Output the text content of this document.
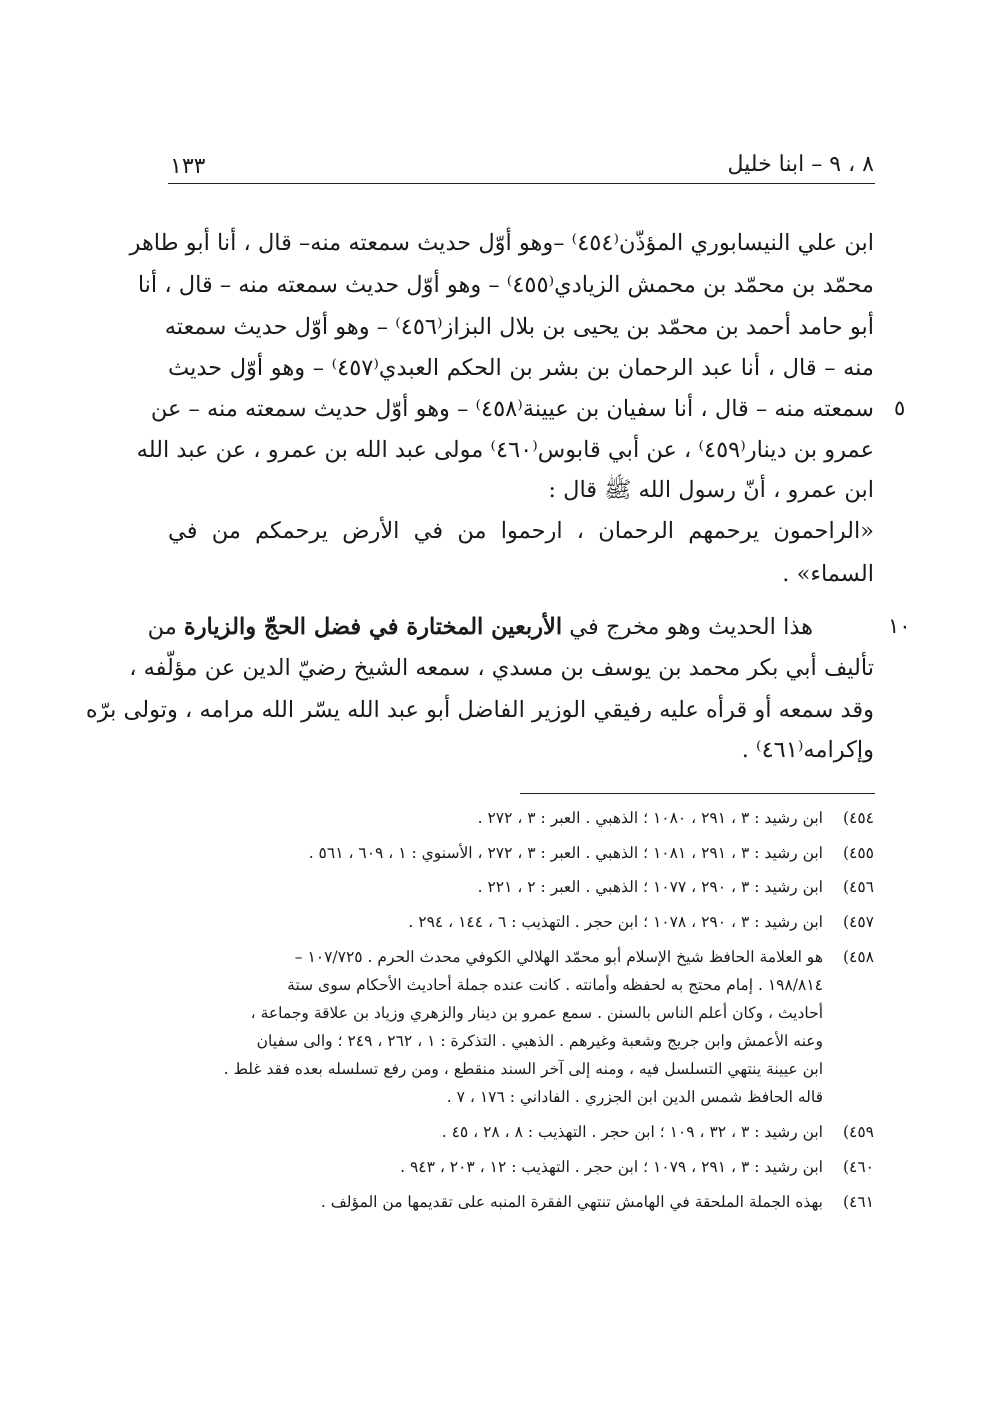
٨ ، ٩ – ابنا خليل
١٣٣
ابن علي النيسابوري المؤذّن⁽٤٥٤⁾ –وهو أوّل حديث سمعته منه– قال ، أنا أبو طاهر
محمّد بن محمّد بن محمش الزيادي⁽٤٥٥⁾ – وهو أوّل حديث سمعته منه – قال ، أنا
أبو حامد أحمد بن محمّد بن يحيى بن بلال البزاز⁽٤٥٦⁾ – وهو أوّل حديث سمعته
منه – قال ، أنا عبد الرحمان بن بشر بن الحكم العبدي⁽٤٥٧⁾ – وهو أوّل حديث
سمعته منه – قال ، أنا سفيان بن عيينة⁽٤٥٨⁾ – وهو أوّل حديث سمعته منه – عن
عمرو بن دينار⁽٤٥٩⁾ ، عن أبي قابوس⁽٤٦٠⁾ مولى عبد الله بن عمرو ، عن عبد الله
ابن عمرو ، أنّ رسول الله ﷺ قال :
«الراحمون يرحمهم الرحمان ، ارحموا من في الأرض يرحمكم من في
السماء» .
٥
هذا الحديث وهو مخرج في الأربعين المختارة في فضل الحجّ والزيارة من
تأليف أبي بكر محمد بن يوسف بن مسدي ، سمعه الشيخ رضيّ الدين عن مؤلّفه ،
وقد سمعه أو قرأه عليه رفيقي الوزير الفاضل أبو عبد الله يسّر الله مرامه ، وتولى برّه
وإكرامه⁽٤٦١⁾ .
١٠
٤٥٤)
ابن رشيد : ٣ ، ٢٩١ ، ١٠٨٠ ؛ الذهبي . العبر : ٣ ، ٢٧٢ .
٤٥٥)
ابن رشيد : ٣ ، ٢٩١ ، ١٠٨١ ؛ الذهبي . العبر : ٣ ، ٢٧٢ ، الأسنوي : ١ ، ٦٠٩ ، ٥٦١ .
٤٥٦)
ابن رشيد : ٣ ، ٢٩٠ ، ١٠٧٧ ؛ الذهبي . العبر : ٢ ، ٢٢١ .
٤٥٧)
ابن رشيد : ٣ ، ٢٩٠ ، ١٠٧٨ ؛ ابن حجر . التهذيب : ٦ ، ١٤٤ ، ٢٩٤ .
٤٥٨)
هو العلامة الحافظ شيخ الإسلام أبو محمّد الهلالي الكوفي محدث الحرم . ١٠٧/٧٢٥ –
١٩٨/٨١٤ . إمام محتج به لحفظه وأمانته . كانت عنده جملة أحاديث الأحكام سوى ستة
أحاديث ، وكان أعلم الناس بالسنن . سمع عمرو بن دينار والزهري وزياد بن علاقة وجماعة ،
وعنه الأعمش وابن جريج وشعبة وغيرهم . الذهبي . التذكرة : ١ ، ٢٦٢ ، ٢٤٩ ؛ والى سفيان
ابن عيينة ينتهي التسلسل فيه ، ومنه إلى آخر السند منقطع ، ومن رفع تسلسله بعده فقد غلط .
قاله الحافظ شمس الدين ابن الجزري . الفاداني : ١٧٦ ، ٧ .
٤٥٩)
ابن رشيد : ٣ ، ٣٢ ، ١٠٩ ؛ ابن حجر . التهذيب : ٨ ، ٢٨ ، ٤٥ .
٤٦٠)
ابن رشيد : ٣ ، ٢٩١ ، ١٠٧٩ ؛ ابن حجر . التهذيب : ١٢ ، ٢٠٣ ، ٩٤٣ .
٤٦١)
بهذه الجملة الملحقة في الهامش تنتهي الفقرة المنبه على تقديمها من المؤلف .
